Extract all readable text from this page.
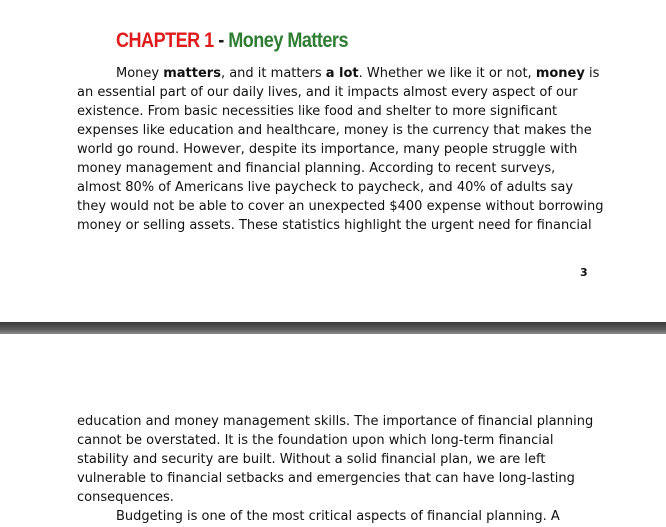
CHAPTER 1 - Money Matters
Money matters, and it matters a lot. Whether we like it or not, money is
an essential part of our daily lives, and it impacts almost every aspect of our
existence. From basic necessities like food and shelter to more significant
expenses like education and healthcare, money is the currency that makes the
world go round. However, despite its importance, many people struggle with
money management and financial planning. According to recent surveys,
almost 80% of Americans live paycheck to paycheck, and 40% of adults say
they would not be able to cover an unexpected $400 expense without borrowing
money or selling assets. These statistics highlight the urgent need for financial
3
education and money management skills. The importance of financial planning
cannot be overstated. It is the foundation upon which long-term financial
stability and security are built. Without a solid financial plan, we are left
vulnerable to financial setbacks and emergencies that can have long-lasting
consequences.
Budgeting is one of the most critical aspects of financial planning. A
